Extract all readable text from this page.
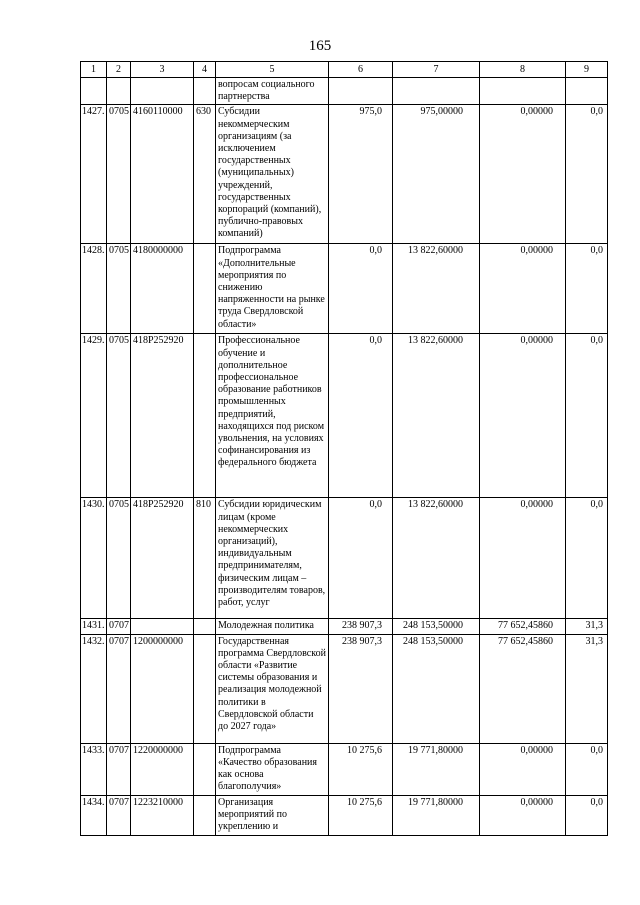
165
1	2	3	4	5	6	7	8	9
				вопросам социального партнерства				
1427.	0705	4160110000	630	Субсидии некоммерческим организациям (за исключением государственных (муниципальных) учреждений, государственных корпораций (компаний), публично-правовых компаний)	975,0	975,00000	0,00000	0,0
1428.	0705	4180000000		Подпрограмма «Дополнительные мероприятия по снижению напряженности на рынке труда Свердловской области»	0,0	13 822,60000	0,00000	0,0
1429.	0705	418P252920		Профессиональное обучение и дополнительное профессиональное образование работников промышленных предприятий, находящихся под риском увольнения, на условиях софинансирования из федерального бюджета	0,0	13 822,60000	0,00000	0,0
1430.	0705	418P252920	810	Субсидии юридическим лицам (кроме некоммерческих организаций), индивидуальным предпринимателям, физическим лицам – производителям товаров, работ, услуг	0,0	13 822,60000	0,00000	0,0
1431.	0707			Молодежная политика	238 907,3	248 153,50000	77 652,45860	31,3
1432.	0707	1200000000		Государственная программа Свердловской области «Развитие системы образования и реализация молодежной политики в Свердловской области до 2027 года»	238 907,3	248 153,50000	77 652,45860	31,3
1433.	0707	1220000000		Подпрограмма «Качество образования как основа благополучия»	10 275,6	19 771,80000	0,00000	0,0
1434.	0707	1223210000		Организация мероприятий по укреплению и	10 275,6	19 771,80000	0,00000	0,0
